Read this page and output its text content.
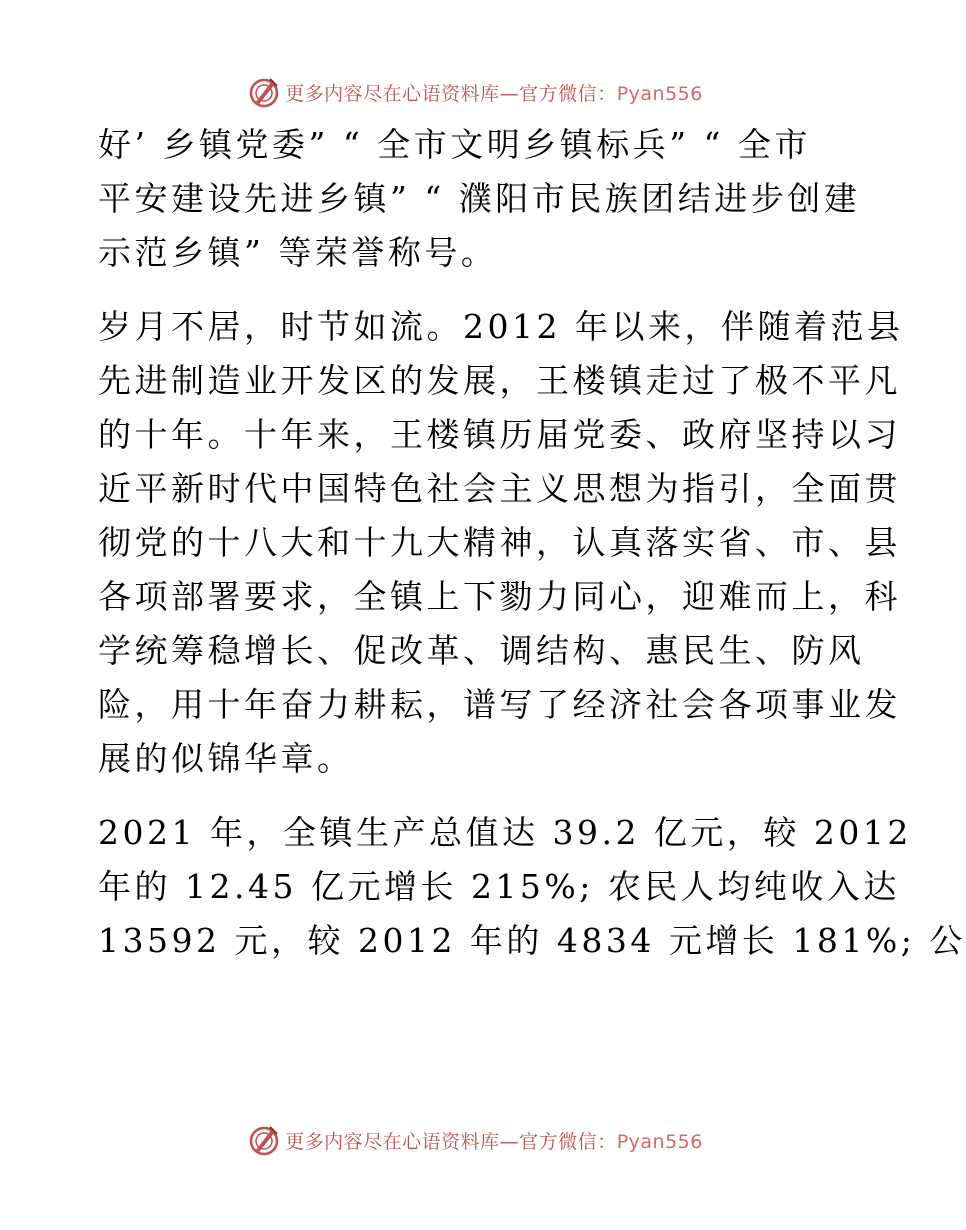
更多内容尽在心语资料库—官方微信：Pyan556
好’ 乡镇党委” “ 全市文明乡镇标兵” “ 全市
平安建设先进乡镇” “ 濮阳市民族团结进步创建
示范乡镇” 等荣誉称号。
岁月不居，时节如流。2012 年以来，伴随着范县
先进制造业开发区的发展，王楼镇走过了极不平凡
的十年。十年来，王楼镇历届党委、政府坚持以习
近平新时代中国特色社会主义思想为指引，全面贯
彻党的十八大和十九大精神，认真落实省、市、县
各项部署要求，全镇上下勠力同心，迎难而上，科
学统筹稳增长、促改革、调结构、惠民生、防风
险，用十年奋力耕耘，谱写了经济社会各项事业发
展的似锦华章。
2021 年，全镇生产总值达 39.2 亿元，较 2012
年的 12.45 亿元增长 215%; 农民人均纯收入达
13592 元，较 2012 年的 4834 元增长 181%; 公
更多内容尽在心语资料库—官方微信：Pyan556
